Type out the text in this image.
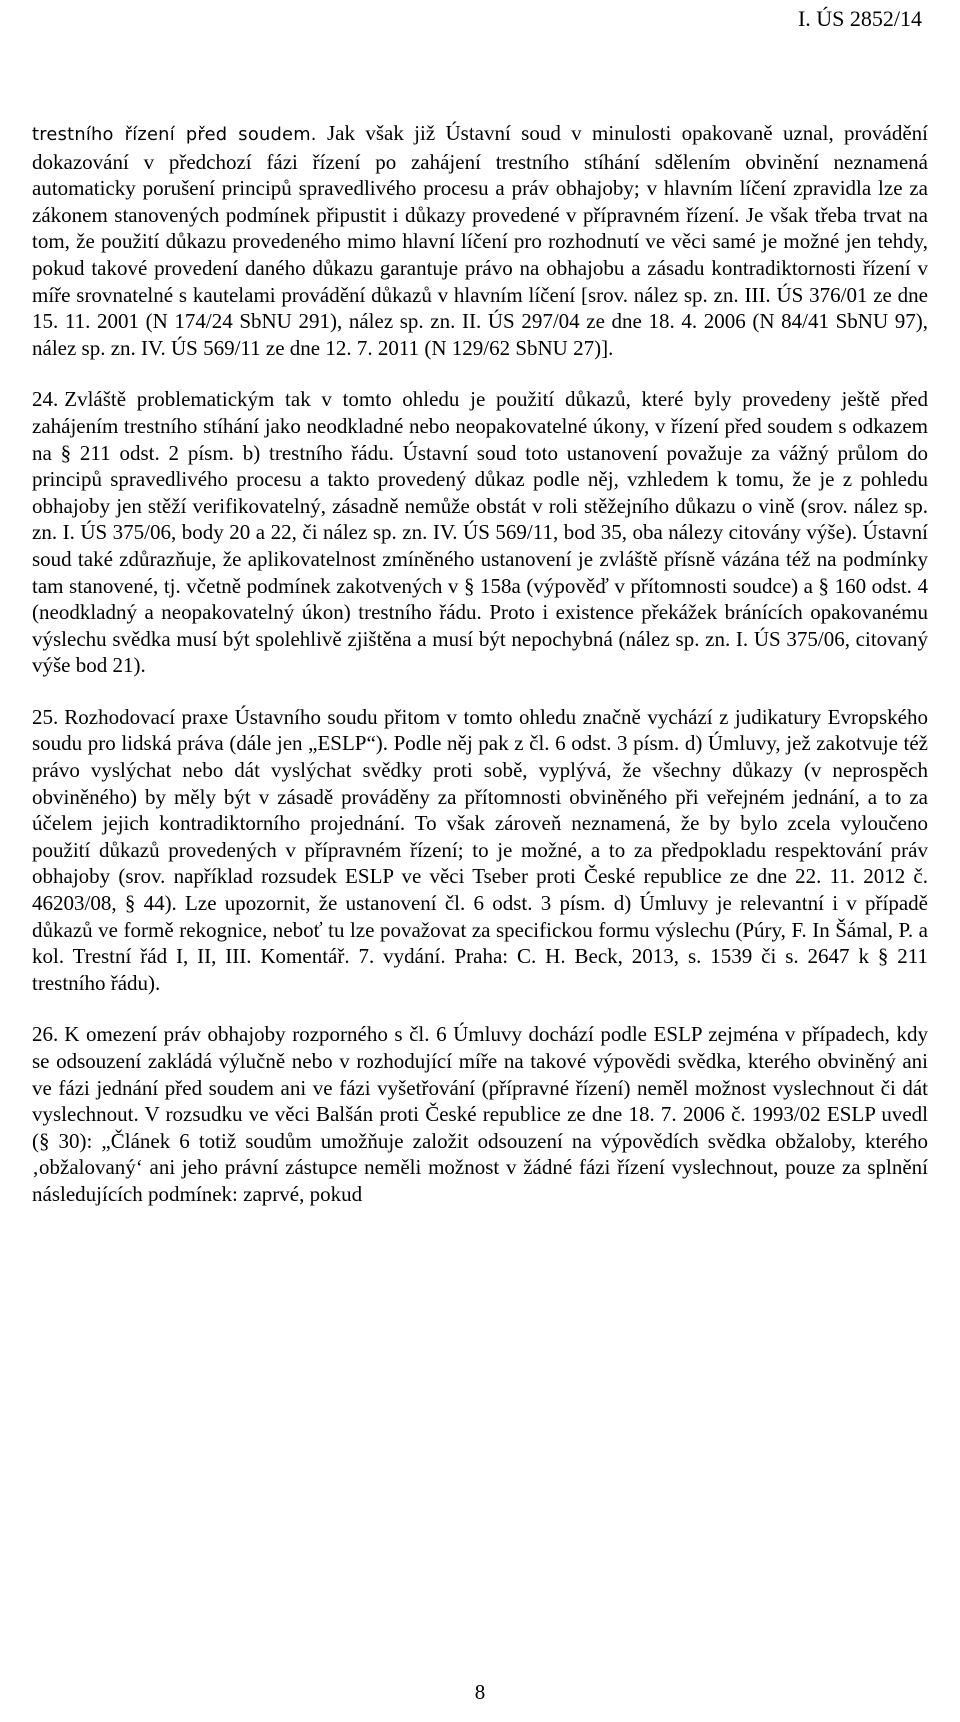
I. ÚS 2852/14

trestního řízení před soudem. Jak však již Ústavní soud v minulosti opakovaně uznal, provádění dokazování v předchozí fázi řízení po zahájení trestního stíhání sdělením obvinění neznamená automaticky porušení principů spravedlivého procesu a práv obhajoby; v hlavním líčení zpravidla lze za zákonem stanovených podmínek připustit i důkazy provedené v přípravném řízení. Je však třeba trvat na tom, že použití důkazu provedeného mimo hlavní líčení pro rozhodnutí ve věci samé je možné jen tehdy, pokud takové provedení daného důkazu garantuje právo na obhajobu a zásadu kontradiktornosti řízení v míře srovnatelné s kautelami provádění důkazů v hlavním líčení [srov. nález sp. zn. III. ÚS 376/01 ze dne 15. 11. 2001 (N 174/24 SbNU 291), nález sp. zn. II. ÚS 297/04 ze dne 18. 4. 2006 (N 84/41 SbNU 97), nález sp. zn. IV. ÚS 569/11 ze dne 12. 7. 2011 (N 129/62 SbNU 27)].

24. Zvláště problematickým tak v tomto ohledu je použití důkazů, které byly provedeny ještě před zahájením trestního stíhání jako neodkladné nebo neopakovatelné úkony, v řízení před soudem s odkazem na § 211 odst. 2 písm. b) trestního řádu. Ústavní soud toto ustanovení považuje za vážný průlom do principů spravedlivého procesu a takto provedený důkaz podle něj, vzhledem k tomu, že je z pohledu obhajoby jen stěží verifikovatelný, zásadně nemůže obstát v roli stěžejního důkazu o vině (srov. nález sp. zn. I. ÚS 375/06, body 20 a 22, či nález sp. zn. IV. ÚS 569/11, bod 35, oba nálezy citovány výše). Ústavní soud také zdůrazňuje, že aplikovatelnost zmíněného ustanovení je zvláště přísně vázána též na podmínky tam stanovené, tj. včetně podmínek zakotvených v § 158a (výpověď v přítomnosti soudce) a § 160 odst. 4 (neodkladný a neopakovatelný úkon) trestního řádu. Proto i existence překážek bránících opakovanému výslechu svědka musí být spolehlivě zjištěna a musí být nepochybná (nález sp. zn. I. ÚS 375/06, citovaný výše bod 21).

25. Rozhodovací praxe Ústavního soudu přitom v tomto ohledu značně vychází z judikatury Evropského soudu pro lidská práva (dále jen „ESLP“). Podle něj pak z čl. 6 odst. 3 písm. d) Úmluvy, jež zakotvuje též právo vyslýchat nebo dát vyslýchat svědky proti sobě, vyplývá, že všechny důkazy (v neprospěch obviněného) by měly být v zásadě prováděny za přítomnosti obviněného při veřejném jednání, a to za účelem jejich kontradiktorního projednání. To však zároveň neznamená, že by bylo zcela vyloučeno použití důkazů provedených v přípravném řízení; to je možné, a to za předpokladu respektování práv obhajoby (srov. například rozsudek ESLP ve věci Tseber proti České republice ze dne 22. 11. 2012 č. 46203/08, § 44). Lze upozornit, že ustanovení čl. 6 odst. 3 písm. d) Úmluvy je relevantní i v případě důkazů ve formě rekognice, neboť tu lze považovat za specifickou formu výslechu (Púry, F. In Šámal, P. a kol. Trestní řád I, II, III. Komentář. 7. vydání. Praha: C. H. Beck, 2013, s. 1539 či s. 2647 k § 211 trestního řádu).

26. K omezení práv obhajoby rozporného s čl. 6 Úmluvy dochází podle ESLP zejména v případech, kdy se odsouzení zakládá výlučně nebo v rozhodující míře na takové výpovědi svědka, kterého obviněný ani ve fázi jednání před soudem ani ve fázi vyšetřování (přípravné řízení) neměl možnost vyslechnout či dát vyslechnout. V rozsudku ve věci Balšán proti České republice ze dne 18. 7. 2006 č. 1993/02 ESLP uvedl (§ 30): „Článek 6 totiž soudům umožňuje založit odsouzení na výpovědích svědka obžaloby, kterého ‚obžalovaný‘ ani jeho právní zástupce neměli možnost v žádné fázi řízení vyslechnout, pouze za splnění následujících podmínek: zaprvé, pokud

8
